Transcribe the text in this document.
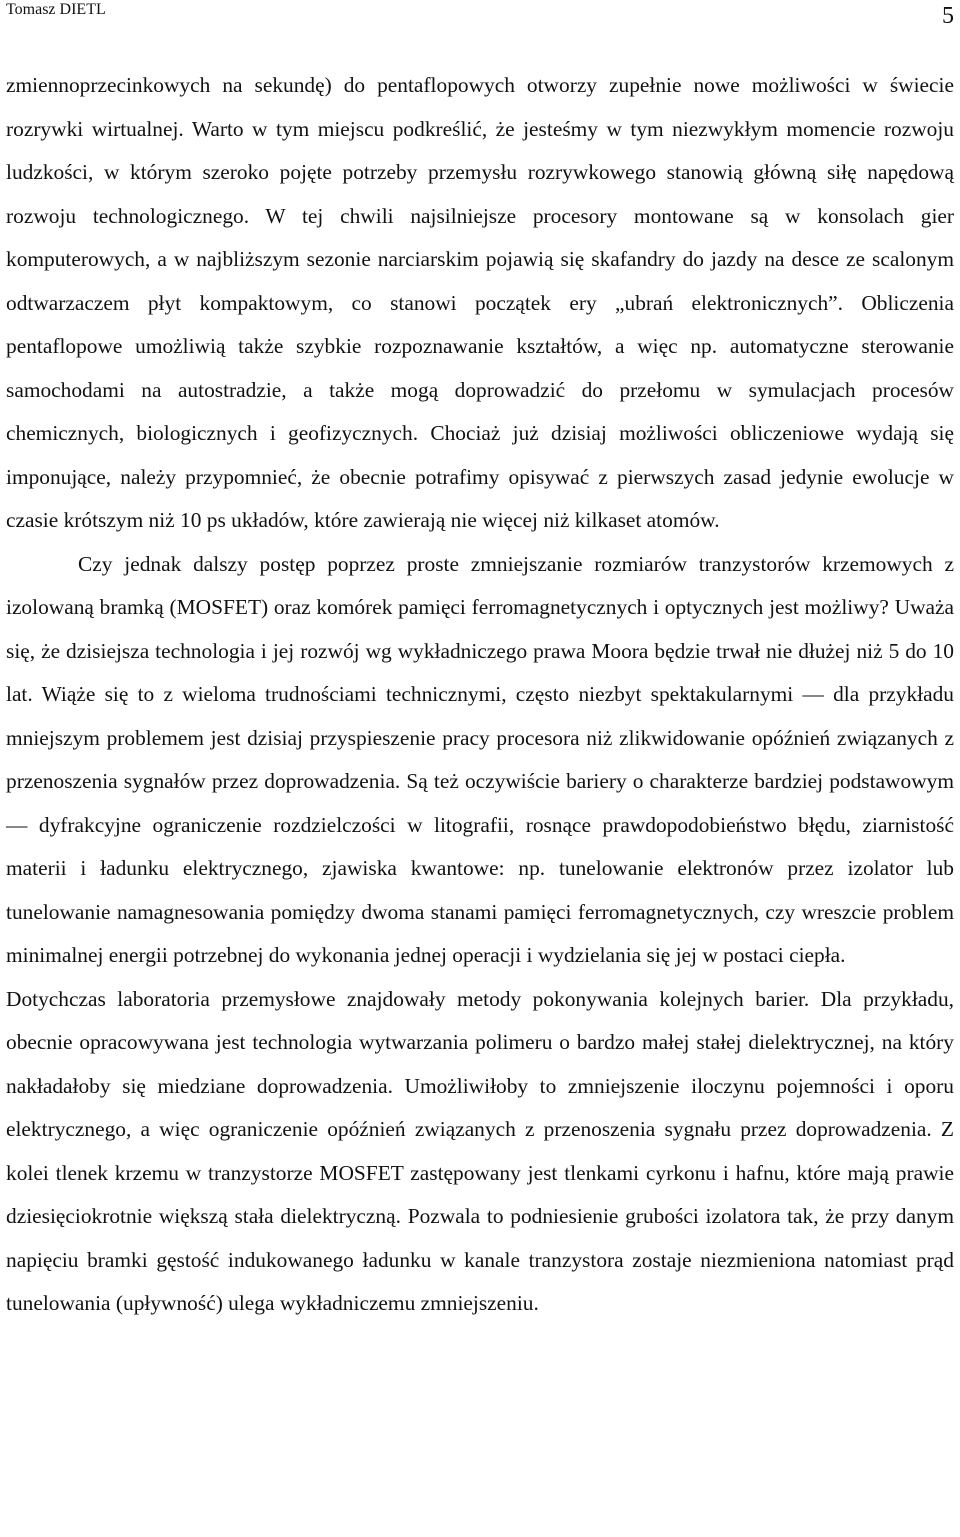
Tomasz DIETL	5

zmiennoprzecinkowych na sekundę) do pentaflopowych otworzy zupełnie nowe możliwości w świecie rozrywki wirtualnej. Warto w tym miejscu podkreślić, że jesteśmy w tym niezwykłym momencie rozwoju ludzkości, w którym szeroko pojęte potrzeby przemysłu rozrywkowego stanowią główną siłę napędową rozwoju technologicznego. W tej chwili najsilniejsze procesory montowane są w konsolach gier komputerowych, a w najbliższym sezonie narciarskim pojawią się skafandry do jazdy na desce ze scalonym odtwarzaczem płyt kompaktowym, co stanowi początek ery „ubrań elektronicznych”. Obliczenia pentaflopowe umożliwią także szybkie rozpoznawanie kształtów, a więc np. automatyczne sterowanie samochodami na autostradzie, a także mogą doprowadzić do przełomu w symulacjach procesów chemicznych, biologicznych i geofizycznych. Chociaż już dzisiaj możliwości obliczeniowe wydają się imponujące, należy przypomnieć, że obecnie potrafimy opisywać z pierwszych zasad jedynie ewolucje w czasie krótszym niż 10 ps układów, które zawierają nie więcej niż kilkaset atomów.

Czy jednak dalszy postęp poprzez proste zmniejszanie rozmiarów tranzystorów krzemowych z izolowaną bramką (MOSFET) oraz komórek pamięci ferromagnetycznych i optycznych jest możliwy? Uważa się, że dzisiejsza technologia i jej rozwój wg wykładniczego prawa Moora będzie trwał nie dłużej niż 5 do 10 lat. Wiąże się to z wieloma trudnościami technicznymi, często niezbyt spektakularnymi — dla przykładu mniejszym problemem jest dzisiaj przyspieszenie pracy procesora niż zlikwidowanie opóźnień związanych z przenoszenia sygnałów przez doprowadzenia. Są też oczywiście bariery o charakterze bardziej podstawowym — dyfrakcyjne ograniczenie rozdzielczości w litografii, rosnące prawdopodobieństwo błędu, ziarnistość materii i ładunku elektrycznego, zjawiska kwantowe: np. tunelowanie elektronów przez izolator lub tunelowanie namagnesowania pomiędzy dwoma stanami pamięci ferromagnetycznych, czy wreszcie problem minimalnej energii potrzebnej do wykonania jednej operacji i wydzielania się jej w postaci ciepła.

Dotychczas laboratoria przemysłowe znajdowały metody pokonywania kolejnych barier. Dla przykładu, obecnie opracowywana jest technologia wytwarzania polimeru o bardzo małej stałej dielektrycznej, na który nakładałoby się miedziane doprowadzenia. Umożliwiłoby to zmniejszenie iloczynu pojemności i oporu elektrycznego, a więc ograniczenie opóźnień związanych z przenoszenia sygnału przez doprowadzenia. Z kolei tlenek krzemu w tranzystorze MOSFET zastępowany jest tlenkami cyrkonu i hafnu, które mają prawie dziesięciokrotnie większą stała dielektryczną. Pozwala to podniesienie grubości izolatora tak, że przy danym napięciu bramki gęstość indukowanego ładunku w kanale tranzystora zostaje niezmieniona natomiast prąd tunelowania (upływność) ulega wykładniczemu zmniejszeniu.
